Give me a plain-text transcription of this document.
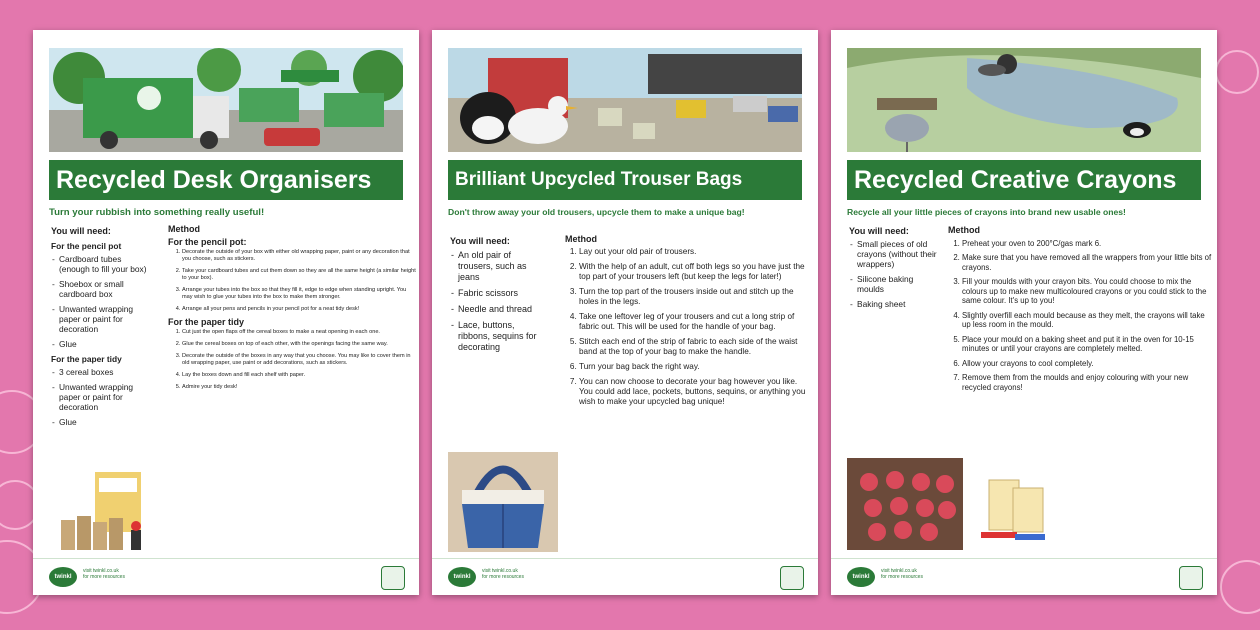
Recycled Desk Organisers
Turn your rubbish into something really useful!
You will need:
For the pencil pot
- Cardboard tubes (enough to fill your box)
- Shoebox or small cardboard box
- Unwanted wrapping paper or paint for decoration
- Glue
For the paper tidy
- 3 cereal boxes
- Unwanted wrapping paper or paint for decoration
- Glue
Method
For the pencil pot:
1. Decorate the outside of your box with either old wrapping paper, paint or any decoration that you choose, such as stickers.
2. Take your cardboard tubes and cut them down so they are all the same height (a similar height to your box).
3. Arrange your tubes into the box so that they fill it, edge to edge when standing upright. You may wish to glue your tubes into the box to make them stronger.
4. Arrange all your pens and pencils in your pencil pot for a neat tidy desk!
For the paper tidy
1. Cut just the open flaps off the cereal boxes to make a neat opening in each one.
2. Glue the cereal boxes on top of each other, with the openings facing the same way.
3. Decorate the outside of the boxes in any way that you choose. You may like to cover them in old wrapping paper, use paint or add decorations, such as stickers.
4. Lay the boxes down and fill each shelf with paper.
5. Admire your tidy desk!
twinkl
visit twinkl.co.uk
for more resources
Brilliant Upcycled Trouser Bags
Don't throw away your old trousers, upcycle them to make a unique bag!
You will need:
- An old pair of trousers, such as jeans
- Fabric scissors
- Needle and thread
- Lace, buttons, ribbons, sequins for decorating
Method
1. Lay out your old pair of trousers.
2. With the help of an adult, cut off both legs so you have just the top part of your trousers left (but keep the legs for later!)
3. Turn the top part of the trousers inside out and stitch up the holes in the legs.
4. Take one leftover leg of your trousers and cut a long strip of fabric out. This will be used for the handle of your bag.
5. Stitch each end of the strip of fabric to each side of the waist band at the top of your bag to make the handle.
6. Turn your bag back the right way.
7. You can now choose to decorate your bag however you like. You could add lace, pockets, buttons, sequins, or anything you wish to make your upcycled bag unique!
twinkl
visit twinkl.co.uk
for more resources
Recycled Creative Crayons
Recycle all your little pieces of crayons into brand new usable ones!
You will need:
- Small pieces of old crayons (without their wrappers)
- Silicone baking moulds
- Baking sheet
Method
1. Preheat your oven to 200°C/gas mark 6.
2. Make sure that you have removed all the wrappers from your little bits of crayons.
3. Fill your moulds with your crayon bits. You could choose to mix the colours up to make new multicoloured crayons or you could stick to the same colour. It's up to you!
4. Slightly overfill each mould because as they melt, the crayons will take up less room in the mould.
5. Place your mould on a baking sheet and put it in the oven for 10-15 minutes or until your crayons are completely melted.
6. Allow your crayons to cool completely.
7. Remove them from the moulds and enjoy colouring with your new recycled crayons!
twinkl
visit twinkl.co.uk
for more resources
